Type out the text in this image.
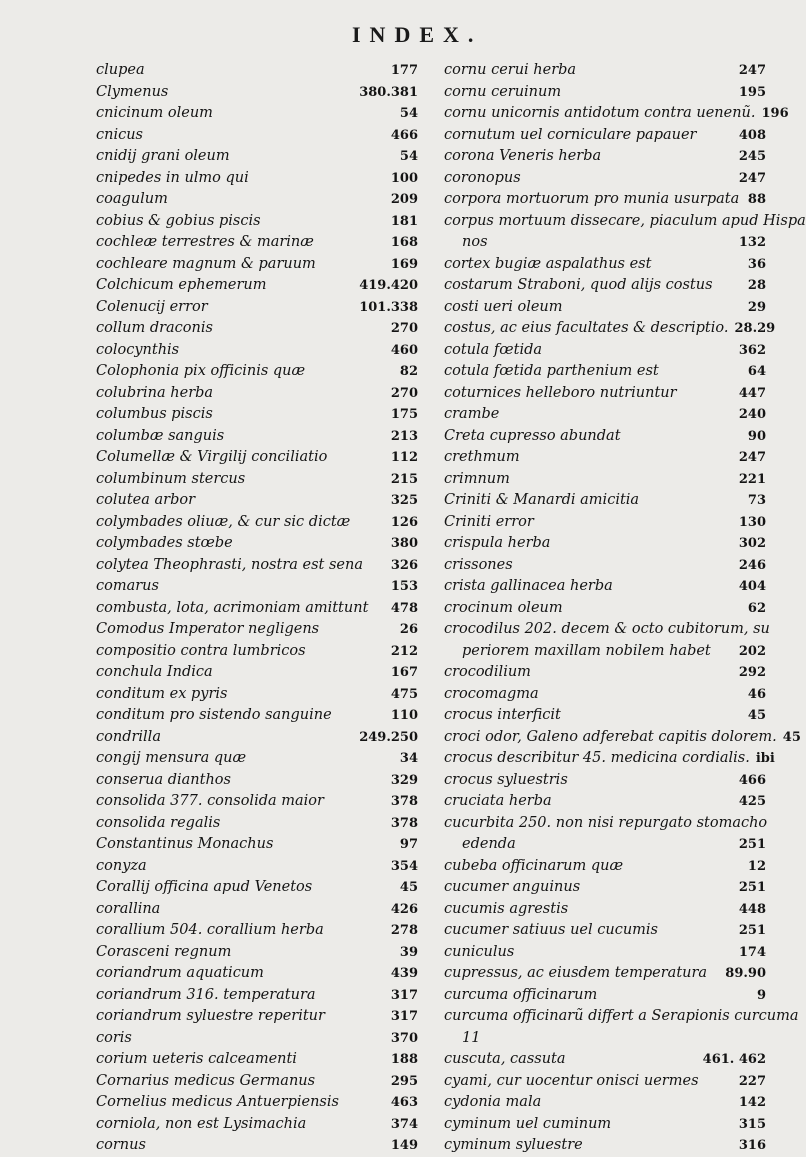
INDEX.
clupea	177
Clymenus	380.381
cnicinum oleum	54
cnicus	466
cnidij grani oleum	54
cnipedes in ulmo qui	100
coagulum	209
cobius & gobius piscis	181
cochleæ terrestres & marinæ	168
cochleare magnum & paruum	169
Colchicum ephemerum	419.420
Colenucij error	101.338
collum draconis	270
colocynthis	460
Colophonia pix officinis quæ	82
colubrina herba	270
columbus piscis	175
columbæ sanguis	213
Columellæ & Virgilij conciliatio	112
columbinum stercus	215
colutea arbor	325
colymbades oliuæ, & cur sic dictæ	126
colymbades stœbe	380
colytea Theophrasti, nostra est sena	326
comarus	153
combusta, lota, acrimoniam amittunt	478
Comodus Imperator negligens	26
compositio contra lumbricos	212
conchula Indica	167
conditum ex pyris	475
conditum pro sistendo sanguine	110
condrilla	249.250
congij mensura quæ	34
conserua dianthos	329
consolida 377. consolida maior	378
consolida regalis	378
Constantinus Monachus	97
conyza	354
Corallij officina apud Venetos	45
corallina	426
corallium 504. corallium herba	278
Corasceni regnum	39
coriandrum aquaticum	439
coriandrum 316. temperatura	317
coriandrum syluestre reperitur	317
coris	370
corium ueteris calceamenti	188
Cornarius medicus Germanus	295
Cornelius medicus Antuerpiensis	463
corniola, non est Lysimachia	374
cornus	149
cornu cerui herba	247
cornu ceruinum	195
cornu unicornis antidotum contra uenenũ. 196
cornutum uel corniculare papauer	408
corona Veneris herba	245
coronopus	247
corpora mortuorum pro munia usurpata 88
corpus mortuum dissecare, piaculum apud Hispa
nos	132
cortex bugiæ aspalathus est	36
costarum Straboni, quod alijs costus	28
costi ueri oleum	29
costus, ac eius facultates & descriptio. 28.29
cotula fœtida	362
cotula fœtida parthenium est	64
coturnices helleboro nutriuntur	447
crambe	240
Creta cupresso abundat	90
crethmum	247
crimnum	221
Criniti & Manardi amicitia	73
Criniti error	130
crispula herba	302
crissones	246
crista gallinacea herba	404
crocinum oleum	62
crocodilus 202. decem & octo cubitorum, su
periorem maxillam nobilem habet	202
crocodilium	292
crocomagma	46
crocus interficit	45
croci odor, Galeno adferebat capitis dolorem. 45
crocus describitur 45. medicina cordialis. ibi
crocus syluestris	466
cruciata herba	425
cucurbita 250. non nisi repurgato stomacho
edenda	251
cubeba officinarum quæ	12
cucumer anguinus	251
cucumis agrestis	448
cucumer satiuus uel cucumis	251
cuniculus	174
cupressus, ac eiusdem temperatura	89.90
curcuma officinarum	9
curcuma officinarũ differt a Serapionis curcuma
11
cuscuta, cassuta	461. 462
cyami, cur uocentur onisci uermes	227
cydonia mala	142
cyminum uel cuminum	315
cyminum syluestre	316
